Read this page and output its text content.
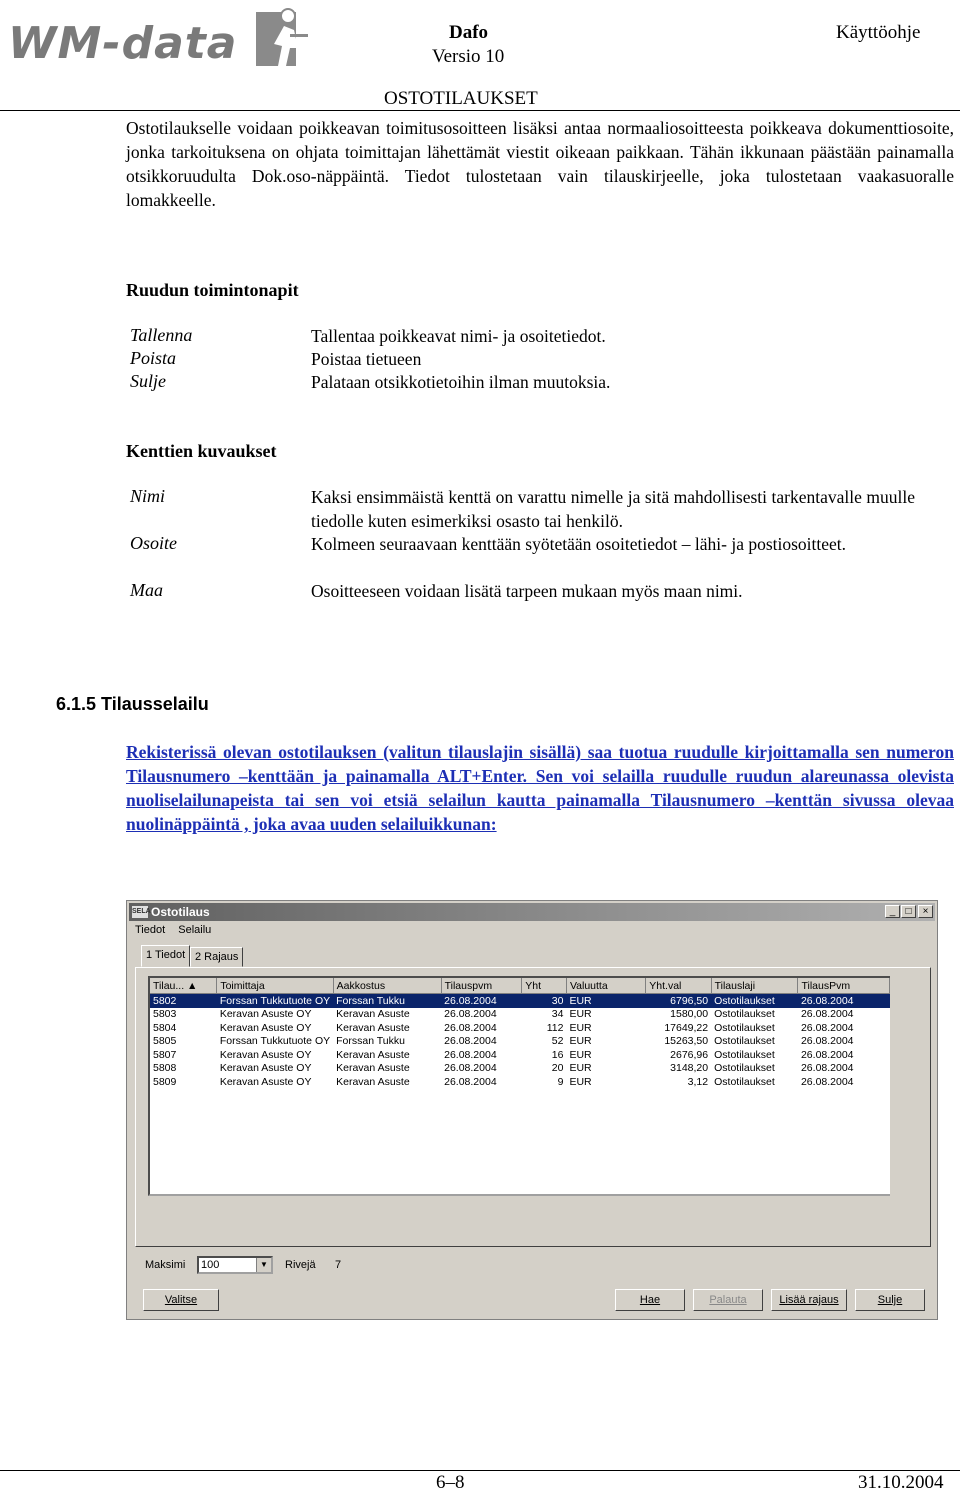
WM-data	Dafo
Versio 10
OSTOTILAUKSET
Käyttöohje
Ostotilaukselle voidaan poikkeavan toimitusosoitteen lisäksi antaa normaaliosoitteesta poikkeava dokumenttiosoite, jonka tarkoituksena on ohjata toimittajan lähettämät viestit oikeaan paikkaan. Tähän ikkunaan päästään painamalla otsikkoruudulta Dok.oso-näppäintä. Tiedot tulostetaan vain tilauskirjeelle, joka tulostetaan vaakasuoralle lomakkeelle.
Ruudun toimintonapit
Tallenna	Tallentaa poikkeavat nimi- ja osoitetiedot.
Poista	Poistaa tietueen
Sulje	Palataan otsikkotietoihin ilman muutoksia.
Kenttien kuvaukset
Nimi	Kaksi ensimmäistä kenttä on varattu nimelle ja sitä mahdollisesti tarkentavalle muulle tiedolle kuten esimerkiksi osasto tai henkilö.
Osoite	Kolmeen seuraavaan kenttään syötetään osoitetiedot – lähi- ja postiosoitteet.
Maa	Osoitteeseen voidaan lisätä tarpeen mukaan myös maan nimi.
6.1.5 Tilausselailu
Rekisterissä olevan ostotilauksen (valitun tilauslajin sisällä) saa tuotua ruudulle kirjoittamalla sen numeron Tilausnumero –kenttään ja painamalla ALT+Enter. Sen voi selailla ruudulle ruudun alareunassa olevista nuoliselailunapeista tai sen voi etsiä selailun kautta painamalla Tilausnumero –kenttän sivussa olevaa nuolinäppäintä , joka avaa uuden selailuikkunan:
SELA Ostotilaus	_	□	×
Tiedot Selailu
1 Tiedot 2 Rajaus
Tilau... ▲	Toimittaja	Aakkostus	Tilauspvm	Yht	Valuutta	Yht.val	Tilauslaji	TilausPvm
5802	Forssan Tukkutuote OY	Forssan Tukku	26.08.2004	30	EUR	6796,50	Ostotilaukset	26.08.2004
5803	Keravan Asuste OY	Keravan Asuste	26.08.2004	34	EUR	1580,00	Ostotilaukset	26.08.2004
5804	Keravan Asuste OY	Keravan Asuste	26.08.2004	112	EUR	17649,22	Ostotilaukset	26.08.2004
5805	Forssan Tukkutuote OY	Forssan Tukku	26.08.2004	52	EUR	15263,50	Ostotilaukset	26.08.2004
5807	Keravan Asuste OY	Keravan Asuste	26.08.2004	16	EUR	2676,96	Ostotilaukset	26.08.2004
5808	Keravan Asuste OY	Keravan Asuste	26.08.2004	20	EUR	3148,20	Ostotilaukset	26.08.2004
5809	Keravan Asuste OY	Keravan Asuste	26.08.2004	9	EUR	3,12	Ostotilaukset	26.08.2004
Maksimi	100	▼ Rivejä 7
Valitse	Hae	Palauta	Lisää rajaus	Sulje
6–8	31.10.2004
